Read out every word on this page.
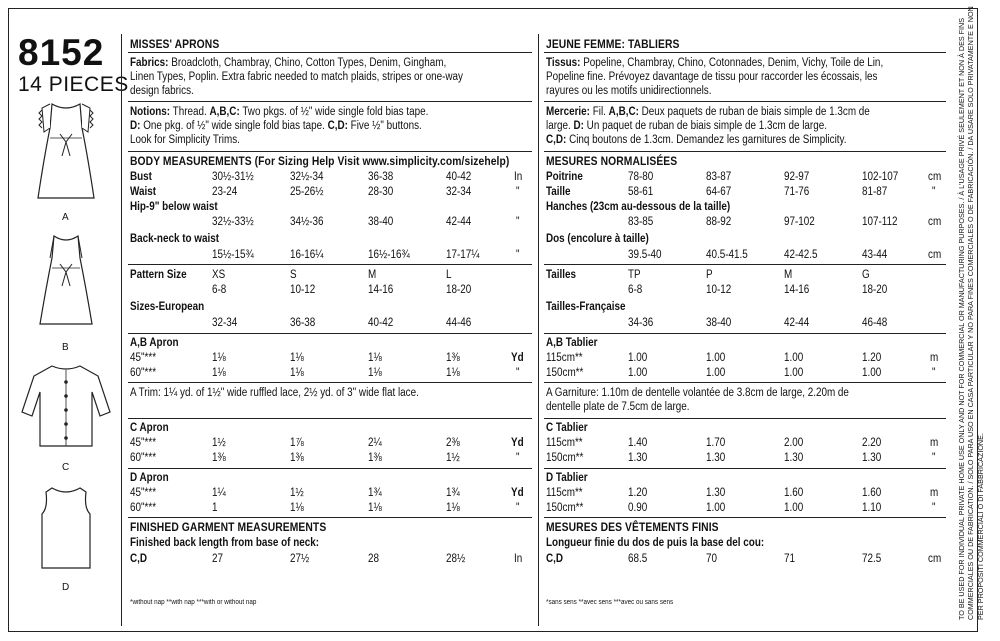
8152
14 PIECES
A
B
C
D
MISSES' APRONS
Fabrics: Broadcloth, Chambray, Chino, Cotton Types, Denim, Gingham,
Linen Types, Poplin. Extra fabric needed to match plaids, stripes or one-way
design fabrics.
Notions: Thread. A,B,C: Two pkgs. of ½" wide single fold bias tape.
D: One pkg. of ½" wide single fold bias tape. C,D: Five ½" buttons.
Look for Simplicity Trims.
BODY MEASUREMENTS (For Sizing Help Visit www.simplicity.com/sizehelp)
Bust	30½-31½	32½-34	36-38	40-42	In
Waist	23-24	25-26½	28-30	32-34	"
Hip-9" below waist
32½-33½	34½-36	38-40	42-44	"
Back-neck to waist
15½-15¾	16-16¼	16½-16¾	17-17¼	"
Pattern Size XS	S	M	L
6-8	10-12	14-16	18-20
Sizes-European
32-34	36-38	40-42	44-46
A,B Apron
45"***	1⅛	1⅛	1⅛	1⅜	Yd
60"***	1⅛	1⅛	1⅛	1⅛	"
A Trim: 1¼ yd. of 1½" wide ruffled lace, 2½ yd. of 3" wide flat lace.
C Apron
45"***	1½	1⅞	2¼	2⅜	Yd
60"***	1⅜	1⅜	1⅜	1½	"
D Apron
45"***	1¼	1½	1¾	1¾	Yd
60"***	1	1⅛	1⅛	1⅛	"
FINISHED GARMENT MEASUREMENTS
Finished back length from base of neck:
C,D	27	27½	28	28½	In
*without nap **with nap ***with or without nap
JEUNE FEMME: TABLIERS
Tissus: Popeline, Chambray, Chino, Cotonnades, Denim, Vichy, Toile de Lin,
Popeline fine. Prévoyez davantage de tissu pour raccorder les écossais, les
rayures ou les motifs unidirectionnels.
Mercerie: Fil. A,B,C: Deux paquets de ruban de biais simple de 1.3cm de
large. D: Un paquet de ruban de biais simple de 1.3cm de large.
C,D: Cinq boutons de 1.3cm. Demandez les garnitures de Simplicity.
MESURES NORMALISÉES
Poitrine	78-80	83-87	92-97	102-107	cm
Taille	58-61	64-67	71-76	81-87	"
Hanches (23cm au-dessous de la taille)
83-85	88-92	97-102	107-112	cm
Dos (encolure à taille)
39.5-40	40.5-41.5	42-42.5	43-44	cm
Tailles	TP	P	M	G
6-8	10-12	14-16	18-20
Tailles-Française
34-36	38-40	42-44	46-48
A,B Tablier
115cm**	1.00	1.00	1.00	1.20	m
150cm**	1.00	1.00	1.00	1.00	"
A Garniture: 1.10m de dentelle volantée de 3.8cm de large, 2.20m de
dentelle plate de 7.5cm de large.
C Tablier
115cm**	1.40	1.70	2.00	2.20	m
150cm**	1.30	1.30	1.30	1.30	"
D Tablier
115cm**	1.20	1.30	1.60	1.60	m
150cm**	0.90	1.00	1.00	1.10	"
MESURES DES VÊTEMENTS FINIS
Longueur finie du dos de puis la base del cou:
C,D	68.5	70	71	72.5	cm
*sans sens **avec sens ***avec ou sans sens	TO BE USED FOR INDIVIDUAL PRIVATE HOME USE ONLY AND NOT FOR COMMERCIAL OR MANUFACTURING PURPOSES. / À L'USAGE PRIVÉ SEULEMENT ET NON À DES FINS COMMERCIALES OU DE FABRICATION. / SOLO PARA USO EN CASA PARTICULAR Y NO PARA FINES COMERCIALES O DE FABRICACIÓN. / DA USARE SOLO PRIVATAMENTE E NON PER PROPOSITI COMMERCIALI O DI FABBRICAZIONE.
